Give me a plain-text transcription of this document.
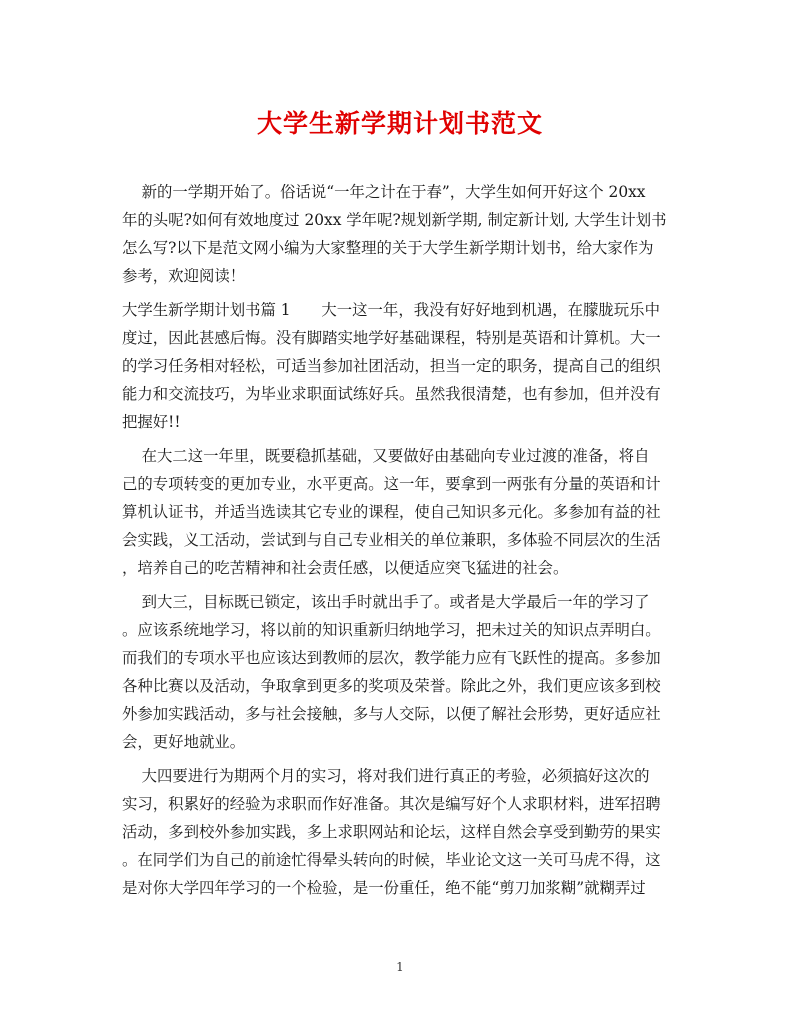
大学生新学期计划书范文
新的一学期开始了。俗话说“一年之计在于春”，大学生如何开好这个 20xx
年的头呢?如何有效地度过 20xx 学年呢?规划新学期, 制定新计划, 大学生计划书
怎么写?以下是范文网小编为大家整理的关于大学生新学期计划书，给大家作为
参考，欢迎阅读！
大学生新学期计划书篇 1　　大一这一年，我没有好好地到机遇，在朦胧玩乐中
度过，因此甚感后悔。没有脚踏实地学好基础课程，特别是英语和计算机。大一
的学习任务相对轻松，可适当参加社团活动，担当一定的职务，提高自己的组织
能力和交流技巧，为毕业求职面试练好兵。虽然我很清楚，也有参加，但并没有
把握好!!
在大二这一年里，既要稳抓基础，又要做好由基础向专业过渡的准备，将自
己的专项转变的更加专业，水平更高。这一年，要拿到一两张有分量的英语和计
算机认证书，并适当选读其它专业的课程，使自己知识多元化。多参加有益的社
会实践，义工活动，尝试到与自己专业相关的单位兼职，多体验不同层次的生活
，培养自己的吃苦精神和社会责任感，以便适应突飞猛进的社会。
到大三，目标既已锁定，该出手时就出手了。或者是大学最后一年的学习了
。应该系统地学习，将以前的知识重新归纳地学习，把未过关的知识点弄明白。
而我们的专项水平也应该达到教师的层次，教学能力应有飞跃性的提高。多参加
各种比赛以及活动，争取拿到更多的奖项及荣誉。除此之外，我们更应该多到校
外参加实践活动，多与社会接触，多与人交际，以便了解社会形势，更好适应社
会，更好地就业。
大四要进行为期两个月的实习，将对我们进行真正的考验，必须搞好这次的
实习，积累好的经验为求职而作好准备。其次是编写好个人求职材料，进军招聘
活动，多到校外参加实践，多上求职网站和论坛，这样自然会享受到勤劳的果实
。在同学们为自己的前途忙得晕头转向的时候，毕业论文这一关可马虎不得，这
是对你大学四年学习的一个检验，是一份重任，绝不能“剪刀加浆糊”就糊弄过
1
